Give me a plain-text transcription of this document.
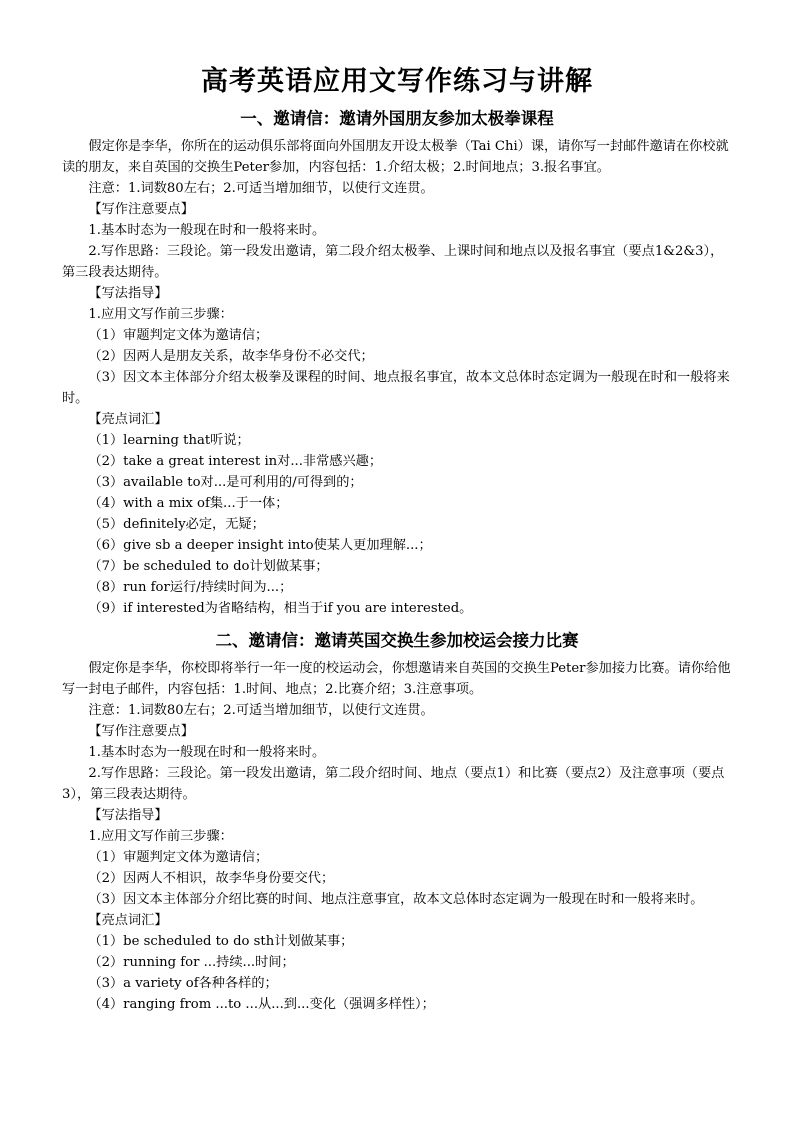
高考英语应用文写作练习与讲解
一、邀请信：邀请外国朋友参加太极拳课程

假定你是李华，你所在的运动俱乐部将面向外国朋友开设太极拳（Tai Chi）课，请你写一封邮件邀请在你校就读的朋友，来自英国的交换生Peter参加，内容包括：1.介绍太极；2.时间地点；3.报名事宜。

注意：1.词数80左右；2.可适当增加细节，以使行文连贯。

【写作注意要点】

1.基本时态为一般现在时和一般将来时。

2.写作思路：三段论。第一段发出邀请，第二段介绍太极拳、上课时间和地点以及报名事宜（要点1&2&3），第三段表达期待。

【写法指导】

1.应用文写作前三步骤：

（1）审题判定文体为邀请信；

（2）因两人是朋友关系，故李华身份不必交代；

（3）因文本主体部分介绍太极拳及课程的时间、地点报名事宜，故本文总体时态定调为一般现在时和一般将来时。

【亮点词汇】

（1）learning that听说；

（2）take a great interest in对...非常感兴趣；

（3）available to对...是可利用的/可得到的；

（4）with a mix of集...于一体；

（5）definitely必定，无疑；

（6）give sb a deeper insight into使某人更加理解...；

（7）be scheduled to do计划做某事；

（8）run for运行/持续时间为...；

（9）if interested为省略结构，相当于if you are interested。

二、邀请信：邀请英国交换生参加校运会接力比赛

假定你是李华，你校即将举行一年一度的校运动会，你想邀请来自英国的交换生Peter参加接力比赛。请你给他写一封电子邮件，内容包括：1.时间、地点；2.比赛介绍；3.注意事项。

注意：1.词数80左右；2.可适当增加细节，以使行文连贯。

【写作注意要点】

1.基本时态为一般现在时和一般将来时。

2.写作思路：三段论。第一段发出邀请，第二段介绍时间、地点（要点1）和比赛（要点2）及注意事项（要点3），第三段表达期待。

【写法指导】

1.应用文写作前三步骤：

（1）审题判定文体为邀请信；

（2）因两人不相识，故李华身份要交代；

（3）因文本主体部分介绍比赛的时间、地点注意事宜，故本文总体时态定调为一般现在时和一般将来时。

【亮点词汇】

（1）be scheduled to do sth计划做某事；

（2）running for ...持续...时间；

（3）a variety of各种各样的；

（4）ranging from ...to ...从...到...变化（强调多样性）；
